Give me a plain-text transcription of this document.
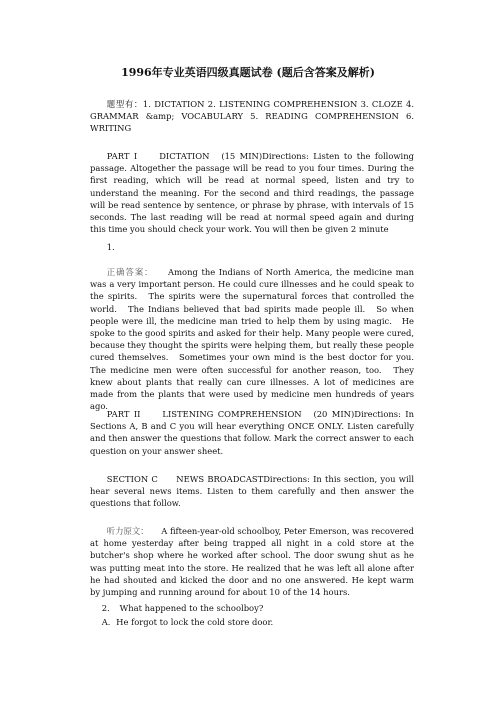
1996年专业英语四级真题试卷 (题后含答案及解析)

题型有：1. DICTATION 2. LISTENING COMPREHENSION 3. CLOZE 4. GRAMMAR &amp; VOCABULARY 5. READING COMPREHENSION 6. WRITING

PART I　　DICTATION　(15 MIN)Directions: Listen to the following passage. Altogether the passage will be read to you four times. During the first reading, which will be read at normal speed, listen and try to understand the meaning. For the second and third readings, the passage will be read sentence by sentence, or phrase by phrase, with intervals of 15 seconds. The last reading will be read at normal speed again and during this time you should check your work. You will then be given 2 minute

1．

正确答案：　　Among the Indians of North America, the medicine man was a very important person. He could cure illnesses and he could speak to the spirits.　The spirits were the supernatural forces that controlled the world.　The Indians believed that bad spirits made people ill.　So when people were ill, the medicine man tried to help them by using magic.　He spoke to the good spirits and asked for their help. Many people were cured, because they thought the spirits were helping them, but really these people cured themselves.　Sometimes your own mind is the best doctor for you. The medicine men were often successful for another reason, too.　They knew about plants that really can cure illnesses. A lot of medicines are made from the plants that were used by medicine men hundreds of years ago.

PART II　　LISTENING COMPREHENSION　(20 MIN)Directions: In Sections A, B and C you will hear everything ONCE ONLY. Listen carefully and then answer the questions that follow. Mark the correct answer to each question on your answer sheet.

SECTION C　　NEWS BROADCASTDirections: In this section, you will hear several news items. Listen to them carefully and then answer the questions that follow.

听力原文：　　A fifteen-year-old schoolboy, Peter Emerson, was recovered at home yesterday after being trapped all night in a cold store at the butcher's shop where he worked after school. The door swung shut as he was putting meat into the store. He realized that he was left all alone after he had shouted and kicked the door and no one answered. He kept warm by jumping and running around for about 10 of the 14 hours.

2．　What happened to the schoolboy?

A．He forgot to lock the cold store door.
